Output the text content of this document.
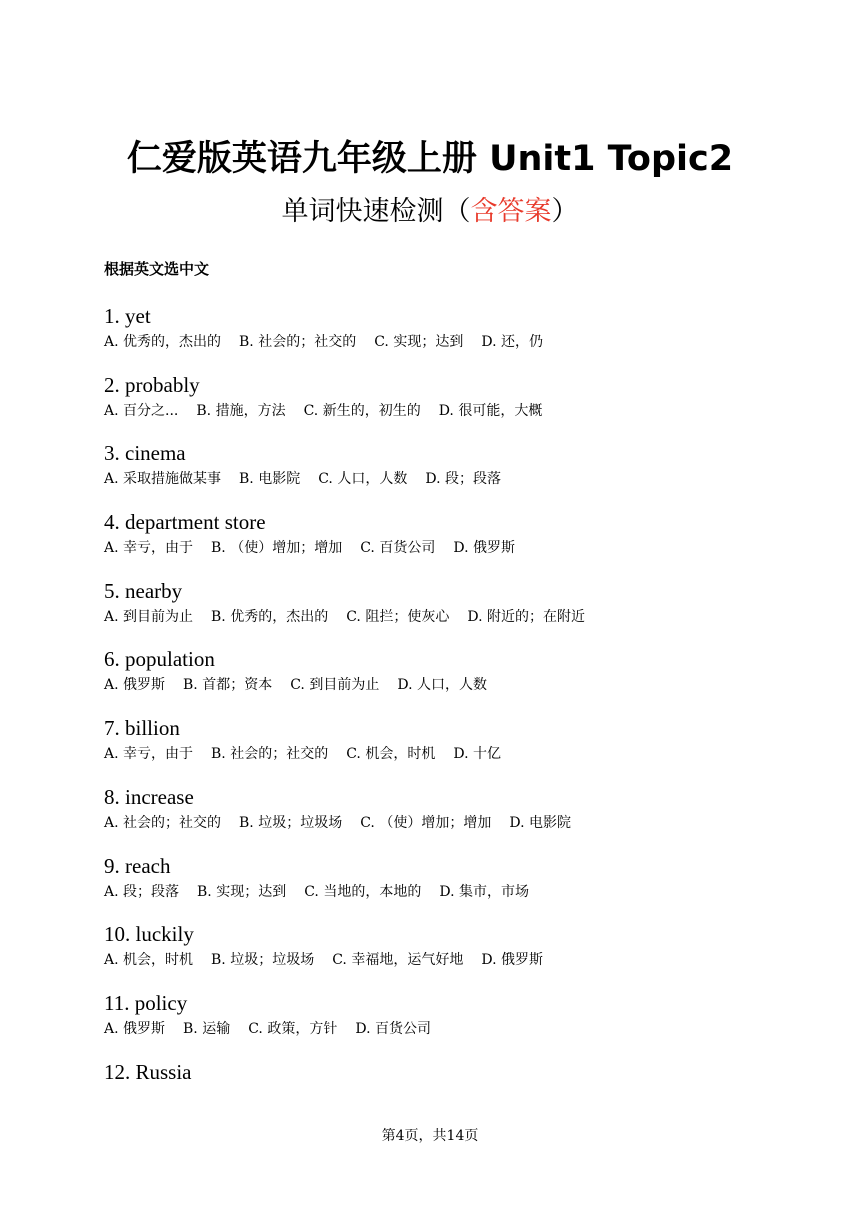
仁爱版英语九年级上册 Unit1 Topic2
单词快速检测（含答案）
根据英文选中文
1. yet
A. 优秀的，杰出的 B. 社会的；社交的 C. 实现；达到 D. 还，仍
2. probably
A. 百分之... B. 措施，方法 C. 新生的，初生的 D. 很可能，大概
3. cinema
A. 采取措施做某事 B. 电影院 C. 人口，人数 D. 段；段落
4. department store
A. 幸亏，由于 B. （使）增加；增加 C. 百货公司 D. 俄罗斯
5. nearby
A. 到目前为止 B. 优秀的，杰出的 C. 阻拦；使灰心 D. 附近的；在附近
6. population
A. 俄罗斯 B. 首都；资本 C. 到目前为止 D. 人口，人数
7. billion
A. 幸亏，由于 B. 社会的；社交的 C. 机会，时机 D. 十亿
8. increase
A. 社会的；社交的 B. 垃圾；垃圾场 C. （使）增加；增加 D. 电影院
9. reach
A. 段；段落 B. 实现；达到 C. 当地的，本地的 D. 集市，市场
10. luckily
A. 机会，时机 B. 垃圾；垃圾场 C. 幸福地，运气好地 D. 俄罗斯
11. policy
A. 俄罗斯 B. 运输 C. 政策，方针 D. 百货公司
12. Russia
第4页，共14页
